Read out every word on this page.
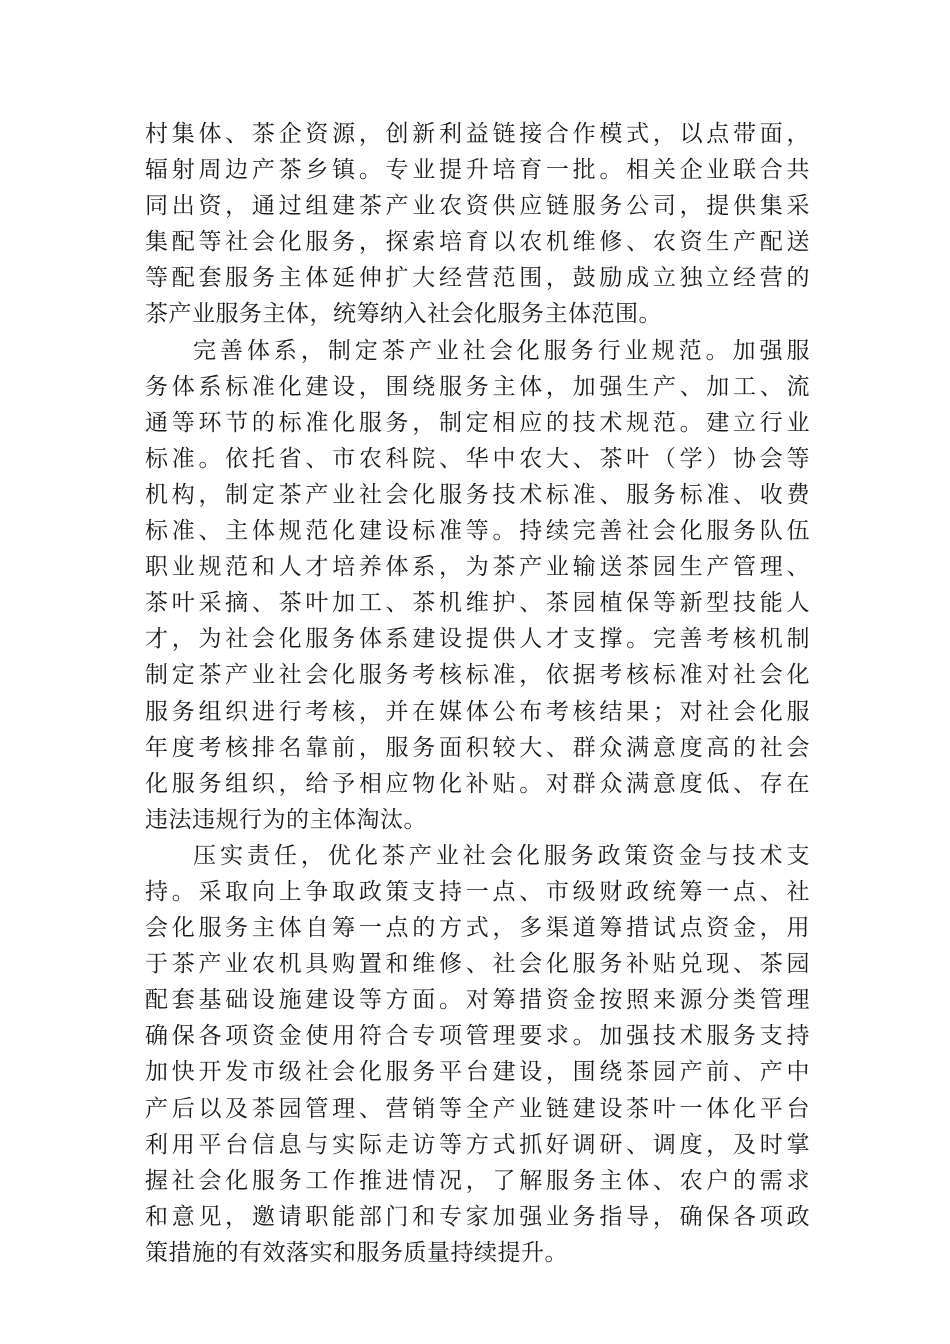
村集体、茶企资源，创新利益链接合作模式，以点带面，
辐射周边产茶乡镇。专业提升培育一批。相关企业联合共
同出资，通过组建茶产业农资供应链服务公司，提供集采
集配等社会化服务，探索培育以农机维修、农资生产配送
等配套服务主体延伸扩大经营范围，鼓励成立独立经营的
茶产业服务主体，统筹纳入社会化服务主体范围。
完善体系，制定茶产业社会化服务行业规范。加强服
务体系标准化建设，围绕服务主体，加强生产、加工、流
通等环节的标准化服务，制定相应的技术规范。建立行业
标准。依托省、市农科院、华中农大、茶叶（学）协会等
机构，制定茶产业社会化服务技术标准、服务标准、收费
标准、主体规范化建设标准等。持续完善社会化服务队伍
职业规范和人才培养体系，为茶产业输送茶园生产管理、
茶叶采摘、茶叶加工、茶机维护、茶园植保等新型技能人
才，为社会化服务体系建设提供人才支撑。完善考核机制
制定茶产业社会化服务考核标准，依据考核标准对社会化
服务组织进行考核，并在媒体公布考核结果；对社会化服
年度考核排名靠前，服务面积较大、群众满意度高的社会
化服务组织，给予相应物化补贴。对群众满意度低、存在
违法违规行为的主体淘汰。
压实责任，优化茶产业社会化服务政策资金与技术支
持。采取向上争取政策支持一点、市级财政统筹一点、社
会化服务主体自筹一点的方式，多渠道筹措试点资金，用
于茶产业农机具购置和维修、社会化服务补贴兑现、茶园
配套基础设施建设等方面。对筹措资金按照来源分类管理
确保各项资金使用符合专项管理要求。加强技术服务支持
加快开发市级社会化服务平台建设，围绕茶园产前、产中
产后以及茶园管理、营销等全产业链建设茶叶一体化平台
利用平台信息与实际走访等方式抓好调研、调度，及时掌
握社会化服务工作推进情况，了解服务主体、农户的需求
和意见，邀请职能部门和专家加强业务指导，确保各项政
策措施的有效落实和服务质量持续提升。
